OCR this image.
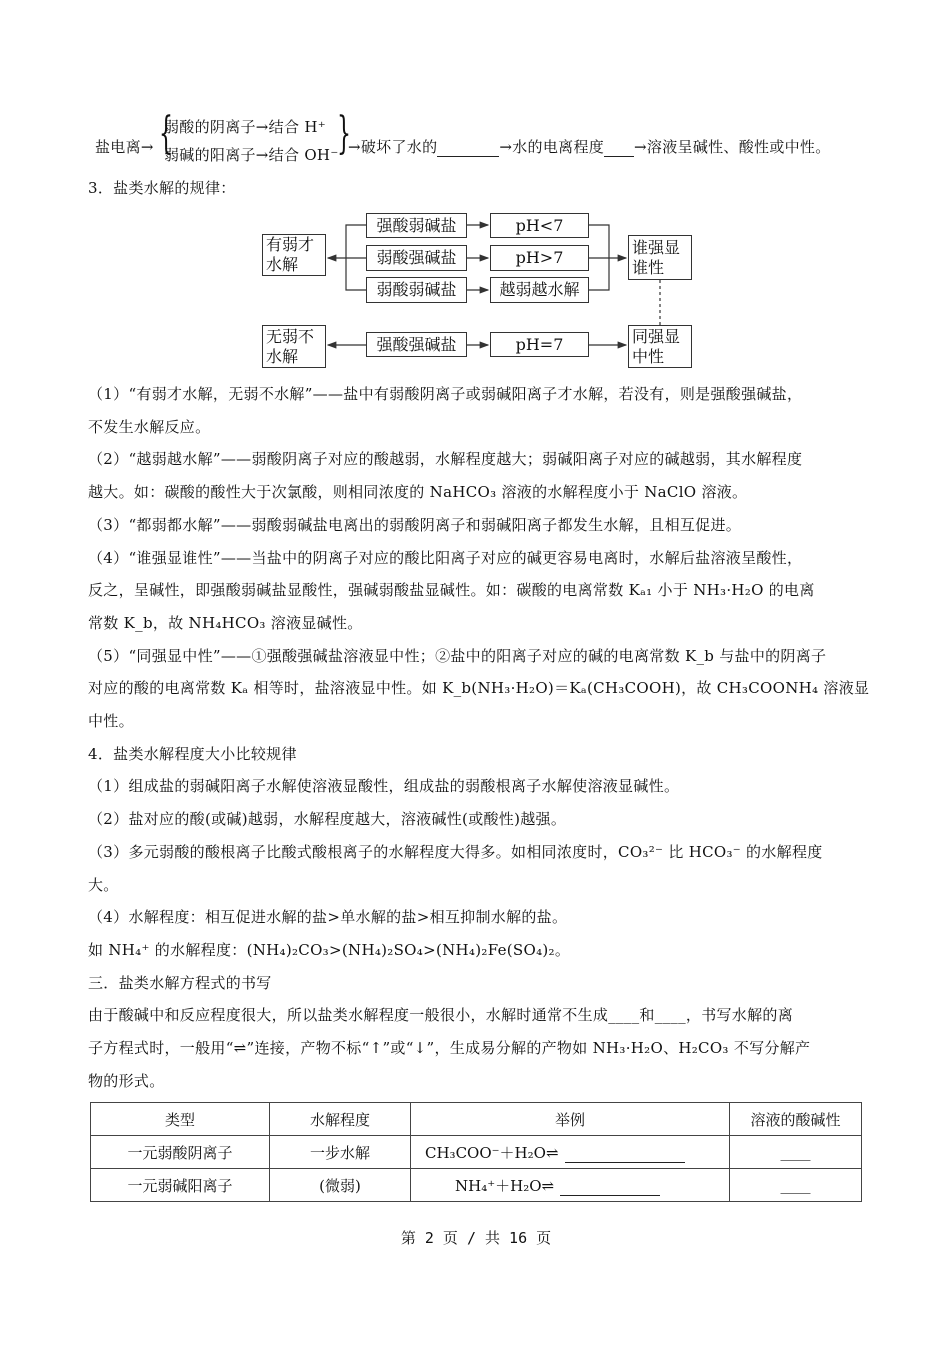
盐电离→ {
弱酸的阴离子→结合 H⁺
弱碱的阳离子→结合 OH⁻
}
→破坏了水的	→水的电离程度 →溶液呈碱性、酸性或中性。
3．盐类水解的规律：
有弱才水解
强酸弱碱盐
弱酸强碱盐
弱酸弱碱盐
pH<7
pH>7
越弱越水解
谁强显谁性
无弱不水解
强酸强碱盐	pH=7	同强显中性
（1）“有弱才水解，无弱不水解”——盐中有弱酸阴离子或弱碱阳离子才水解，若没有，则是强酸强碱盐，
不发生水解反应。
（2）“越弱越水解”——弱酸阴离子对应的酸越弱，水解程度越大；弱碱阳离子对应的碱越弱，其水解程度
越大。如：碳酸的酸性大于次氯酸，则相同浓度的 NaHCO₃ 溶液的水解程度小于 NaClO 溶液。
（3）“都弱都水解”——弱酸弱碱盐电离出的弱酸阴离子和弱碱阳离子都发生水解，且相互促进。
（4）“谁强显谁性”——当盐中的阴离子对应的酸比阳离子对应的碱更容易电离时，水解后盐溶液呈酸性，
反之，呈碱性，即强酸弱碱盐显酸性，强碱弱酸盐显碱性。如：碳酸的电离常数 Kₐ₁ 小于 NH₃·H₂O 的电离
常数 K_b，故 NH₄HCO₃ 溶液显碱性。
（5）“同强显中性”——①强酸强碱盐溶液显中性；②盐中的阳离子对应的碱的电离常数 K_b 与盐中的阴离子
对应的酸的电离常数 Kₐ 相等时，盐溶液显中性。如 K_b(NH₃·H₂O)＝Kₐ(CH₃COOH)，故 CH₃COONH₄ 溶液显
中性。
4．盐类水解程度大小比较规律
（1）组成盐的弱碱阳离子水解使溶液显酸性，组成盐的弱酸根离子水解使溶液显碱性。
（2）盐对应的酸(或碱)越弱，水解程度越大，溶液碱性(或酸性)越强。
（3）多元弱酸的酸根离子比酸式酸根离子的水解程度大得多。如相同浓度时，CO₃²⁻ 比 HCO₃⁻ 的水解程度
大。
（4）水解程度：相互促进水解的盐>单水解的盐>相互抑制水解的盐。
如 NH₄⁺ 的水解程度：(NH₄)₂CO₃>(NH₄)₂SO₄>(NH₄)₂Fe(SO₄)₂。
三．盐类水解方程式的书写
由于酸碱中和反应程度很大，所以盐类水解程度一般很小，水解时通常不生成____和____，书写水解的离
子方程式时，一般用“⇌”连接，产物不标“↑”或“↓”，生成易分解的产物如 NH₃·H₂O、H₂CO₃ 不写分解产
物的形式。
类型	水解程度	举例	溶液的酸碱性
一元弱酸阴离子	一步水解	CH₃COO⁻＋H₂O⇌	____
一元弱碱阳离子	(微弱)	NH₄⁺＋H₂O⇌	____
第 2 页 / 共 16 页
